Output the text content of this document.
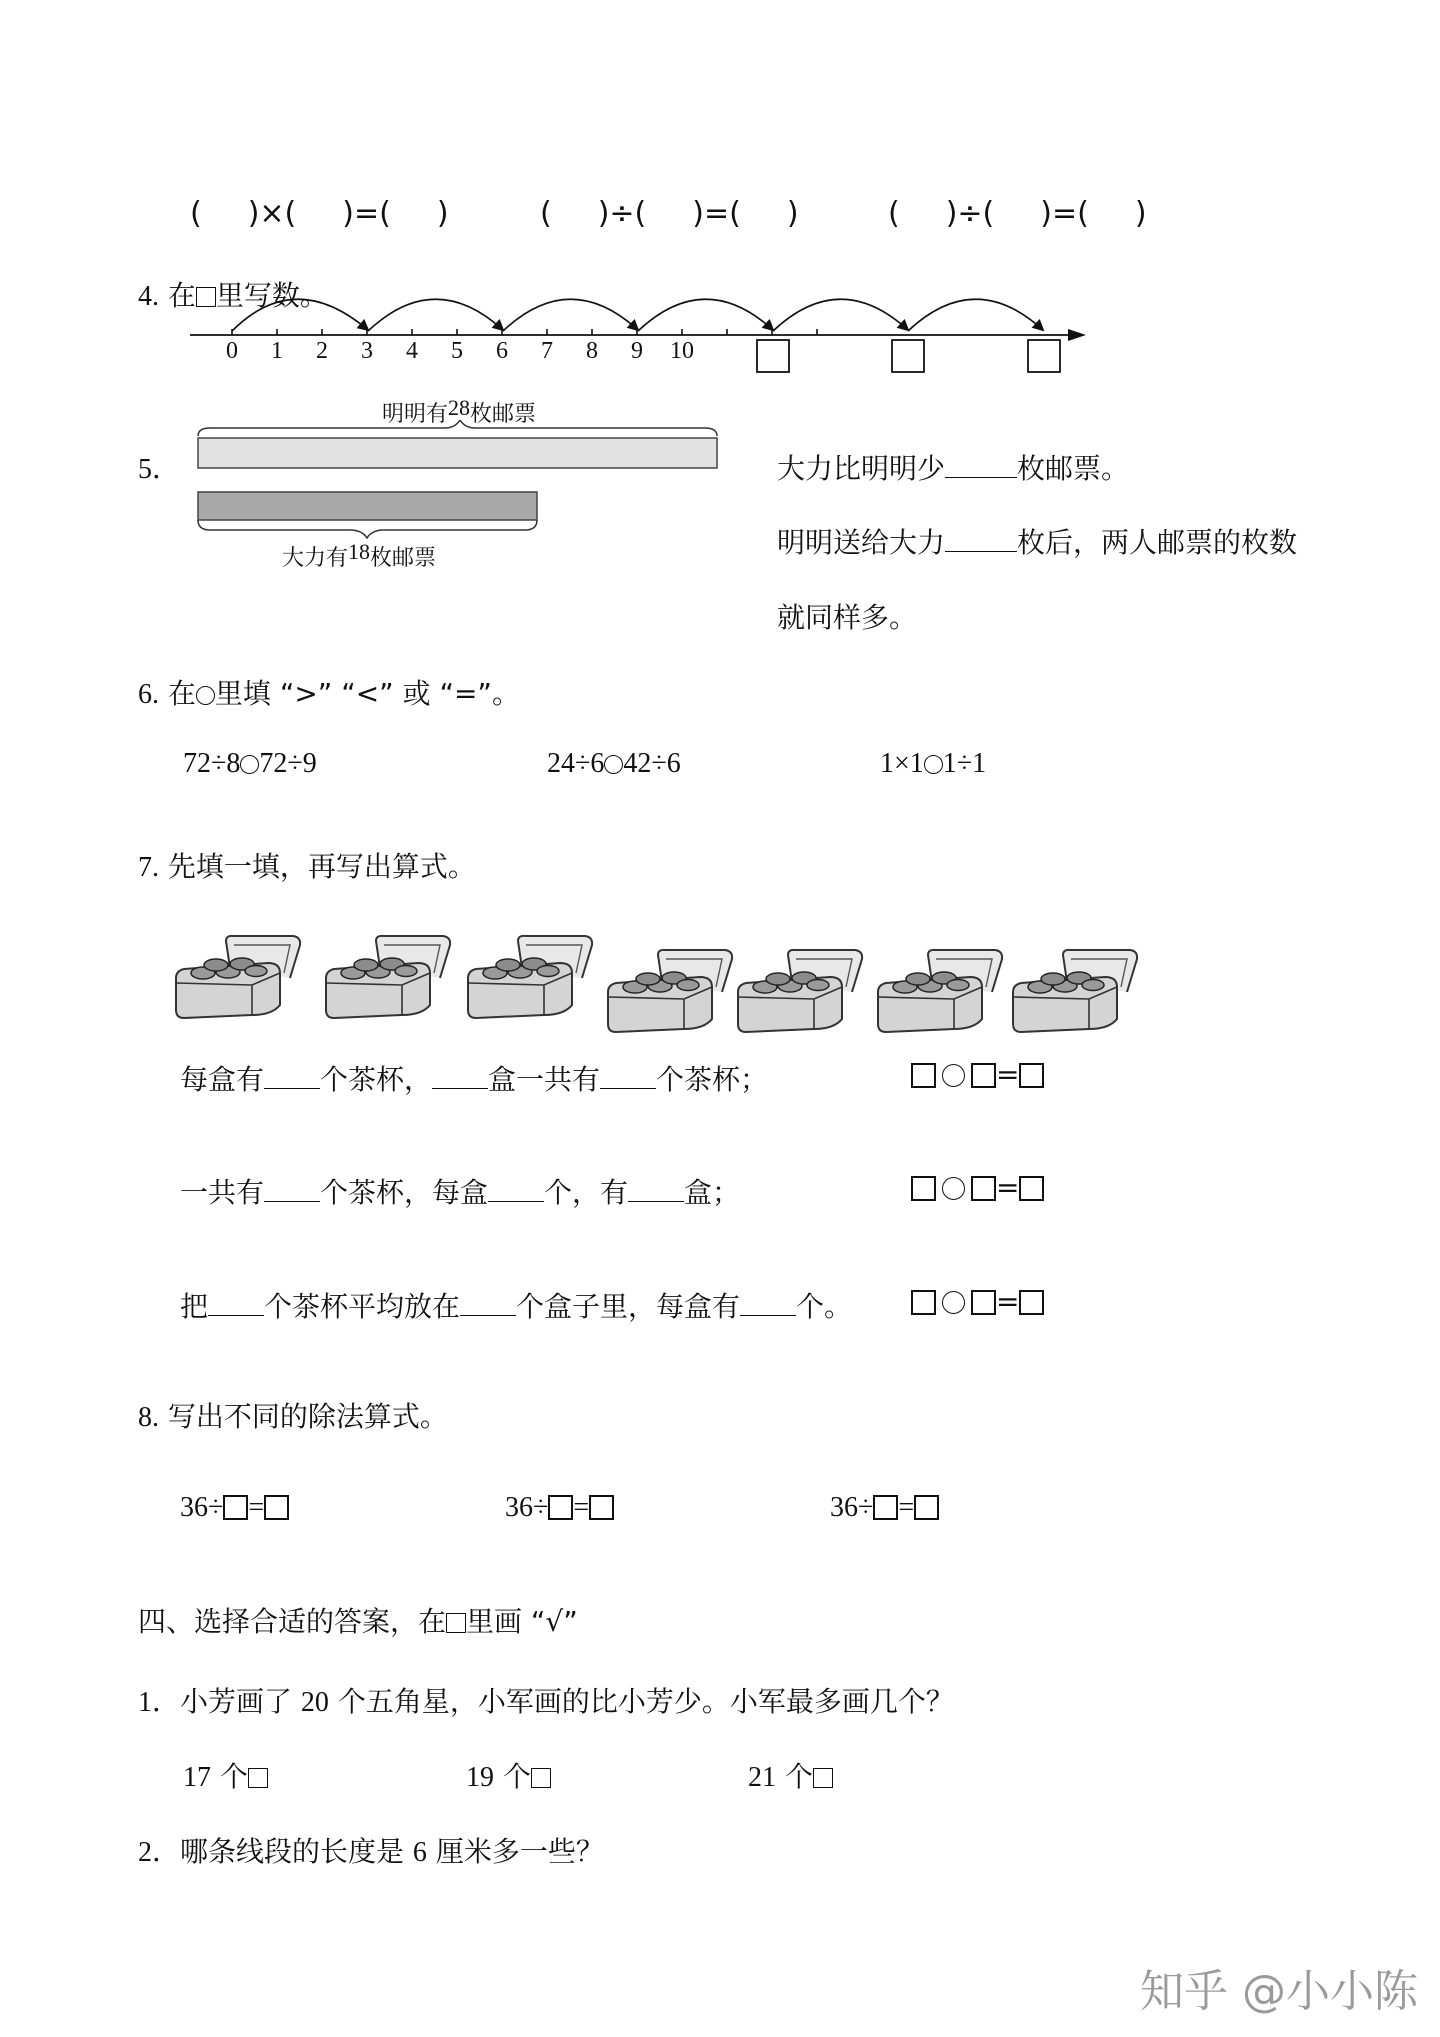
( )×( )=( )	( )÷( )=( )	( )÷( )=( )
4. 在 里写数。
0	1	2	3	4	5	6	7	8	9	10
5．
明明有28枚邮票
大力有18枚邮票
大力比明明少	枚邮票。
明明送给大力	枚后，两人邮票的枚数
就同样多。
6. 在 里填 “>” “<” 或 “=”。
72÷8 72÷9	24÷6 42÷6	1×1 1÷1
7. 先填一填，再写出算式。
每盒有 个茶杯， 盒一共有 个茶杯；	=
一共有 个茶杯，每盒 个，有 盒；	=
把 个茶杯平均放在 个盒子里，每盒有 个。	=
8. 写出不同的除法算式。
36÷ =	36÷ =	36÷ =
四、选择合适的答案，在 里画 “√”
1．小芳画了 20 个五角星，小军画的比小芳少。小军最多画几个？
17 个	19 个	21 个
2．哪条线段的长度是 6 厘米多一些？
知乎 @小小陈
